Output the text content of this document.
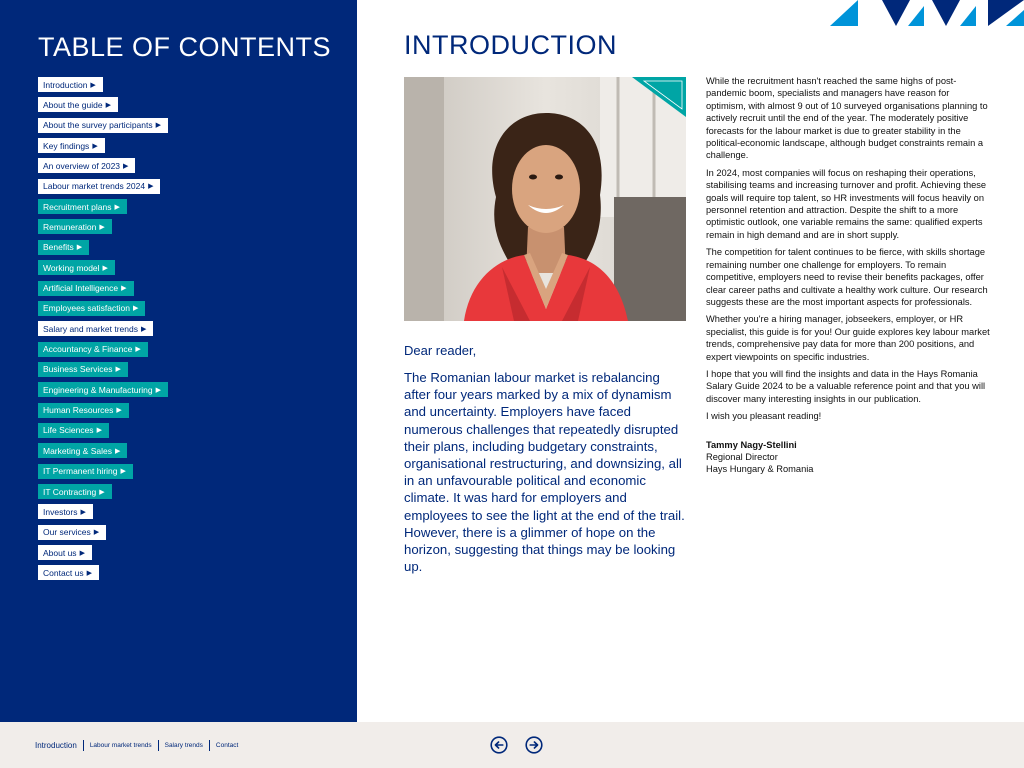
TABLE OF CONTENTS
Introduction ▶
About the guide ▶
About the survey participants ▶
Key findings ▶
An overview of 2023 ▶
Labour market trends 2024 ▶
Recruitment plans ▶
Remuneration ▶
Benefits ▶
Working model ▶
Artificial Intelligence ▶
Employees satisfaction ▶
Salary and market trends ▶
Accountancy & Finance ▶
Business Services ▶
Engineering & Manufacturing ▶
Human Resources ▶
Life Sciences ▶
Marketing & Sales ▶
IT Permanent hiring ▶
IT Contracting ▶
Investors ▶
Our services ▶
About us ▶
Contact us ▶
INTRODUCTION
Dear reader,

The Romanian labour market is rebalancing after four years marked by a mix of dynamism and uncertainty. Employers have faced numerous challenges that repeatedly disrupted their plans, including budgetary constraints, organisational restructuring, and downsizing, all in an unfavourable political and economic climate. It was hard for employers and employees to see the light at the end of the trail. However, there is a glimmer of hope on the horizon, suggesting that things may be looking up.

While the recruitment hasn't reached the same highs of post-pandemic boom, specialists and managers have reason for optimism, with almost 9 out of 10 surveyed organisations planning to actively recruit until the end of the year. The moderately positive forecasts for the labour market is due to greater stability in the political-economic landscape, although budget constraints remain a challenge.

In 2024, most companies will focus on reshaping their operations, stabilising teams and increasing turnover and profit. Achieving these goals will require top talent, so HR investments will focus heavily on personnel retention and attraction. Despite the shift to a more optimistic outlook, one variable remains the same: qualified experts remain in high demand and are in short supply.

The competition for talent continues to be fierce, with skills shortage remaining number one challenge for employers. To remain competitive, employers need to revise their benefits packages, offer clear career paths and cultivate a healthy work culture. Our research suggests these are the most important aspects for professionals.

Whether you're a hiring manager, jobseekers, employer, or HR specialist, this guide is for you! Our guide explores key labour market trends, comprehensive pay data for more than 200 positions, and expert viewpoints on specific industries.

I hope that you will find the insights and data in the Hays Romania Salary Guide 2024 to be a valuable reference point and that you will discover many interesting insights in our publication.

I wish you pleasant reading!

Tammy Nagy-Stellini
Regional Director
Hays Hungary & Romania
Introduction Labour market trends Salary trends Contact
